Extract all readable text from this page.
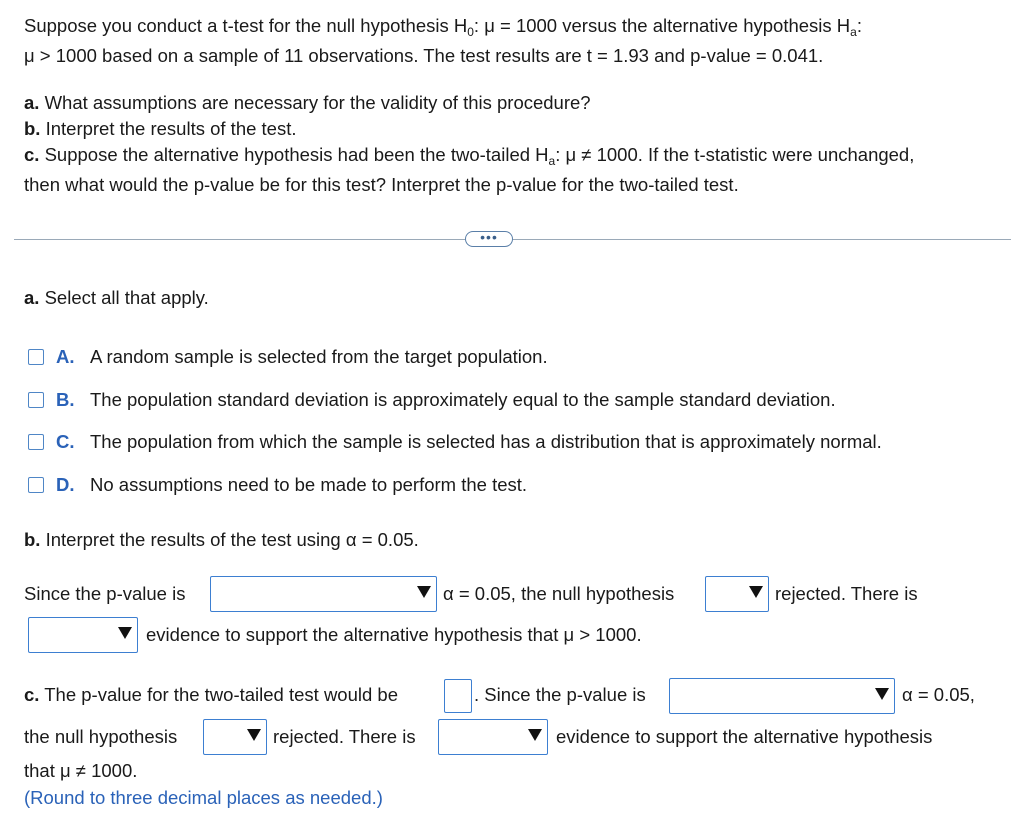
Suppose you conduct a t-test for the null hypothesis $H_0$: μ = 1000 versus the alternative hypothesis $H_a$:
μ > 1000 based on a sample of 11 observations. The test results are t = 1.93 and p-value = 0.041.
a. What assumptions are necessary for the validity of this procedure?
b. Interpret the results of the test.
c. Suppose the alternative hypothesis had been the two-tailed $H_a$: μ ≠ 1000. If the t-statistic were unchanged,
then what would the p-value be for this test? Interpret the p-value for the two-tailed test.
•••
a. Select all that apply.
A. A random sample is selected from the target population.
B. The population standard deviation is approximately equal to the sample standard deviation.
C. The population from which the sample is selected has a distribution that is approximately normal.
D. No assumptions need to be made to perform the test.
b. Interpret the results of the test using α = 0.05.
Since the p-value is	α = 0.05, the null hypothesis	rejected. There is
evidence to support the alternative hypothesis that μ > 1000.
c. The p-value for the two-tailed test would be	. Since the p-value is	α = 0.05,
the null hypothesis	rejected. There is	evidence to support the alternative hypothesis
that μ ≠ 1000.
(Round to three decimal places as needed.)
